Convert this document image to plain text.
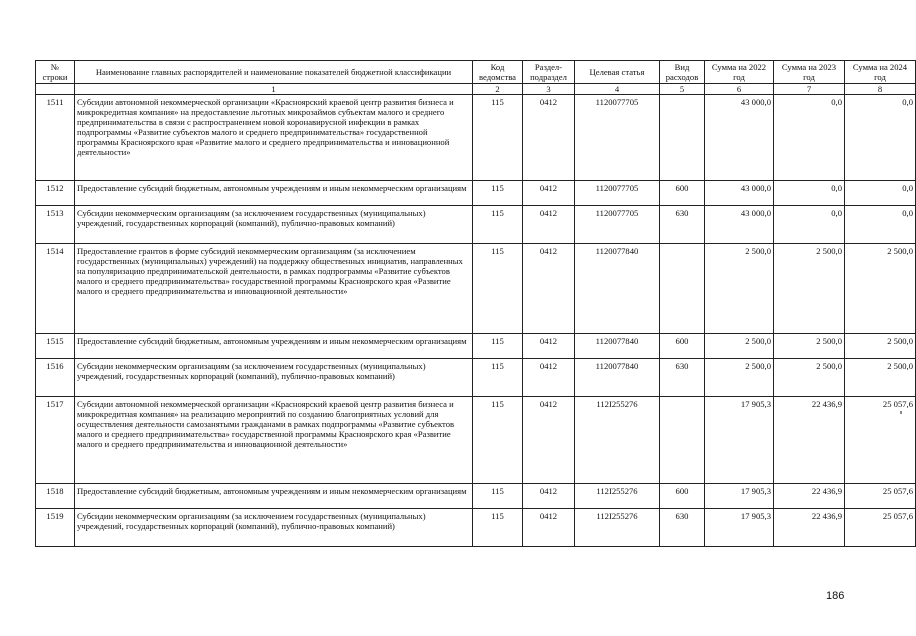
№ строки	Наименование главных распорядителей и наименование показателей бюджетной классификации	Код ведомства	Раздел-подраздел	Целевая статья	Вид расходов	Сумма на 2022 год	Сумма на 2023 год	Сумма на 2024 год
	1	2	3	4	5	6	7	8
1511	Субсидии автономной некоммерческой организации «Красноярский краевой центр развития бизнеса и микрокредитная компания» на предоставление льготных микрозаймов субъектам малого и среднего предпринимательства в связи с распространением новой коронавирусной инфекции в рамках подпрограммы «Развитие субъектов малого и среднего предпринимательства» государственной программы Красноярского края «Развитие малого и среднего предпринимательства и инновационной деятельности»	115	0412	1120077705		43 000,0	0,0	0,0
1512	Предоставление субсидий бюджетным, автономным учреждениям и иным некоммерческим организациям	115	0412	1120077705	600	43 000,0	0,0	0,0
1513	Субсидии некоммерческим организациям (за исключением государственных (муниципальных) учреждений, государственных корпораций (компаний), публично-правовых компаний)	115	0412	1120077705	630	43 000,0	0,0	0,0
1514	Предоставление грантов в форме субсидий некоммерческим организациям (за исключением государственных (муниципальных) учреждений) на поддержку общественных инициатив, направленных на популяризацию предпринимательской деятельности, в рамках подпрограммы «Развитие субъектов малого и среднего предпринимательства» государственной программы Красноярского края «Развитие малого и среднего предпринимательства и инновационной деятельности»	115	0412	1120077840		2 500,0	2 500,0	2 500,0
1515	Предоставление субсидий бюджетным, автономным учреждениям и иным некоммерческим организациям	115	0412	1120077840	600	2 500,0	2 500,0	2 500,0
1516	Субсидии некоммерческим организациям (за исключением государственных (муниципальных) учреждений, государственных корпораций (компаний), публично-правовых компаний)	115	0412	1120077840	630	2 500,0	2 500,0	2 500,0
1517	Субсидии автономной некоммерческой организации «Красноярский краевой центр развития бизнеса и микрокредитная компания» на реализацию мероприятий по созданию благоприятных условий для осуществления деятельности самозанятыми гражданами в рамках подпрограммы «Развитие субъектов малого и среднего предпринимательства» государственной программы Красноярского края «Развитие малого и среднего предпринимательства и инновационной деятельности»	115	0412	112I255276		17 905,3	22 436,9	25 057,6
1518	Предоставление субсидий бюджетным, автономным учреждениям и иным некоммерческим организациям	115	0412	112I255276	600	17 905,3	22 436,9	25 057,6
1519	Субсидии некоммерческим организациям (за исключением государственных (муниципальных) учреждений, государственных корпораций (компаний), публично-правовых компаний)	115	0412	112I255276	630	17 905,3	22 436,9	25 057,6
186
